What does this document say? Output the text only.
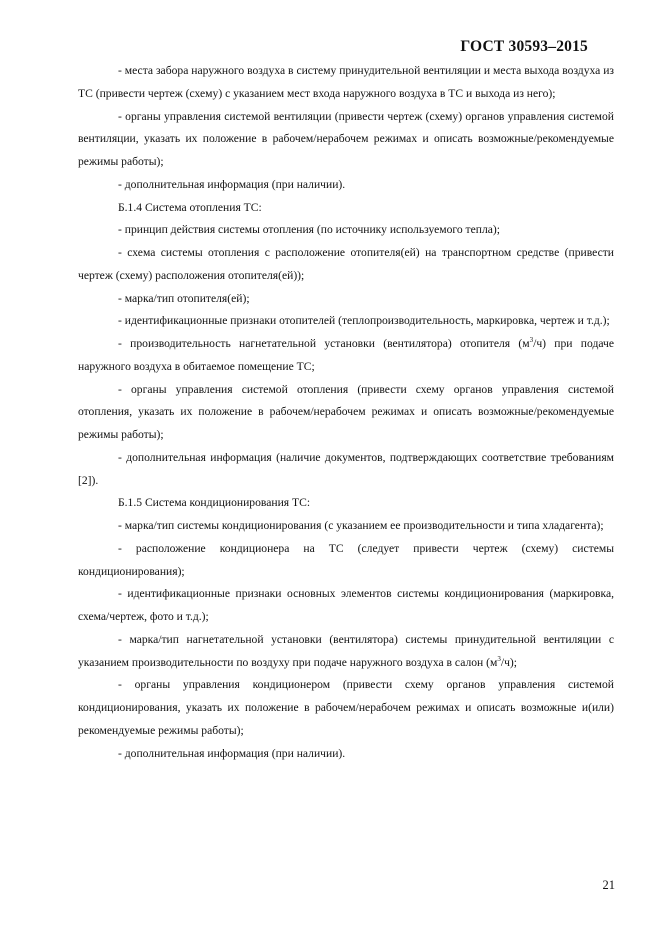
ГОСТ 30593–2015

- места забора наружного воздуха в систему принудительной вентиляции и места выхода воздуха из ТС (привести чертеж (схему) с указанием мест входа наружного воздуха в ТС и выхода из него);

- органы управления системой вентиляции (привести чертеж (схему) органов управления системой вентиляции, указать их положение в рабочем/нерабочем режимах и описать возможные/рекомендуемые режимы работы);

- дополнительная информация (при наличии).

Б.1.4 Система отопления ТС:

- принцип действия системы отопления (по источнику используемого тепла);

- схема системы отопления с расположение отопителя(ей) на транспортном средстве (привести чертеж (схему) расположения отопителя(ей));

- марка/тип отопителя(ей);

- идентификационные признаки отопителей (теплопроизводительность, маркировка, чертеж и т.д.);

- производительность нагнетательной установки (вентилятора) отопителя $(м^3/ч)$ при подаче наружного воздуха в обитаемое помещение ТС;

- органы управления системой отопления (привести схему органов управления системой отопления, указать их положение в рабочем/нерабочем режимах и описать возможные/рекомендуемые режимы работы);

- дополнительная информация (наличие документов, подтверждающих соответствие требованиям [2]).

Б.1.5 Система кондиционирования ТС:

- марка/тип системы кондиционирования (с указанием ее производительности и типа хладагента);

- расположение кондиционера на ТС (следует привести чертеж (схему) системы кондиционирования);

- идентификационные признаки основных элементов системы кондиционирования (маркировка, схема/чертеж, фото и т.д.);

- марка/тип нагнетательной установки (вентилятора) системы принудительной вентиляции с указанием производительности по воздуху при подаче наружного воздуха в салон $(м^3/ч)$;

- органы управления кондиционером (привести схему органов управления системой кондиционирования, указать их положение в рабочем/нерабочем режимах и описать возможные и(или) рекомендуемые режимы работы);

- дополнительная информация (при наличии).

21
